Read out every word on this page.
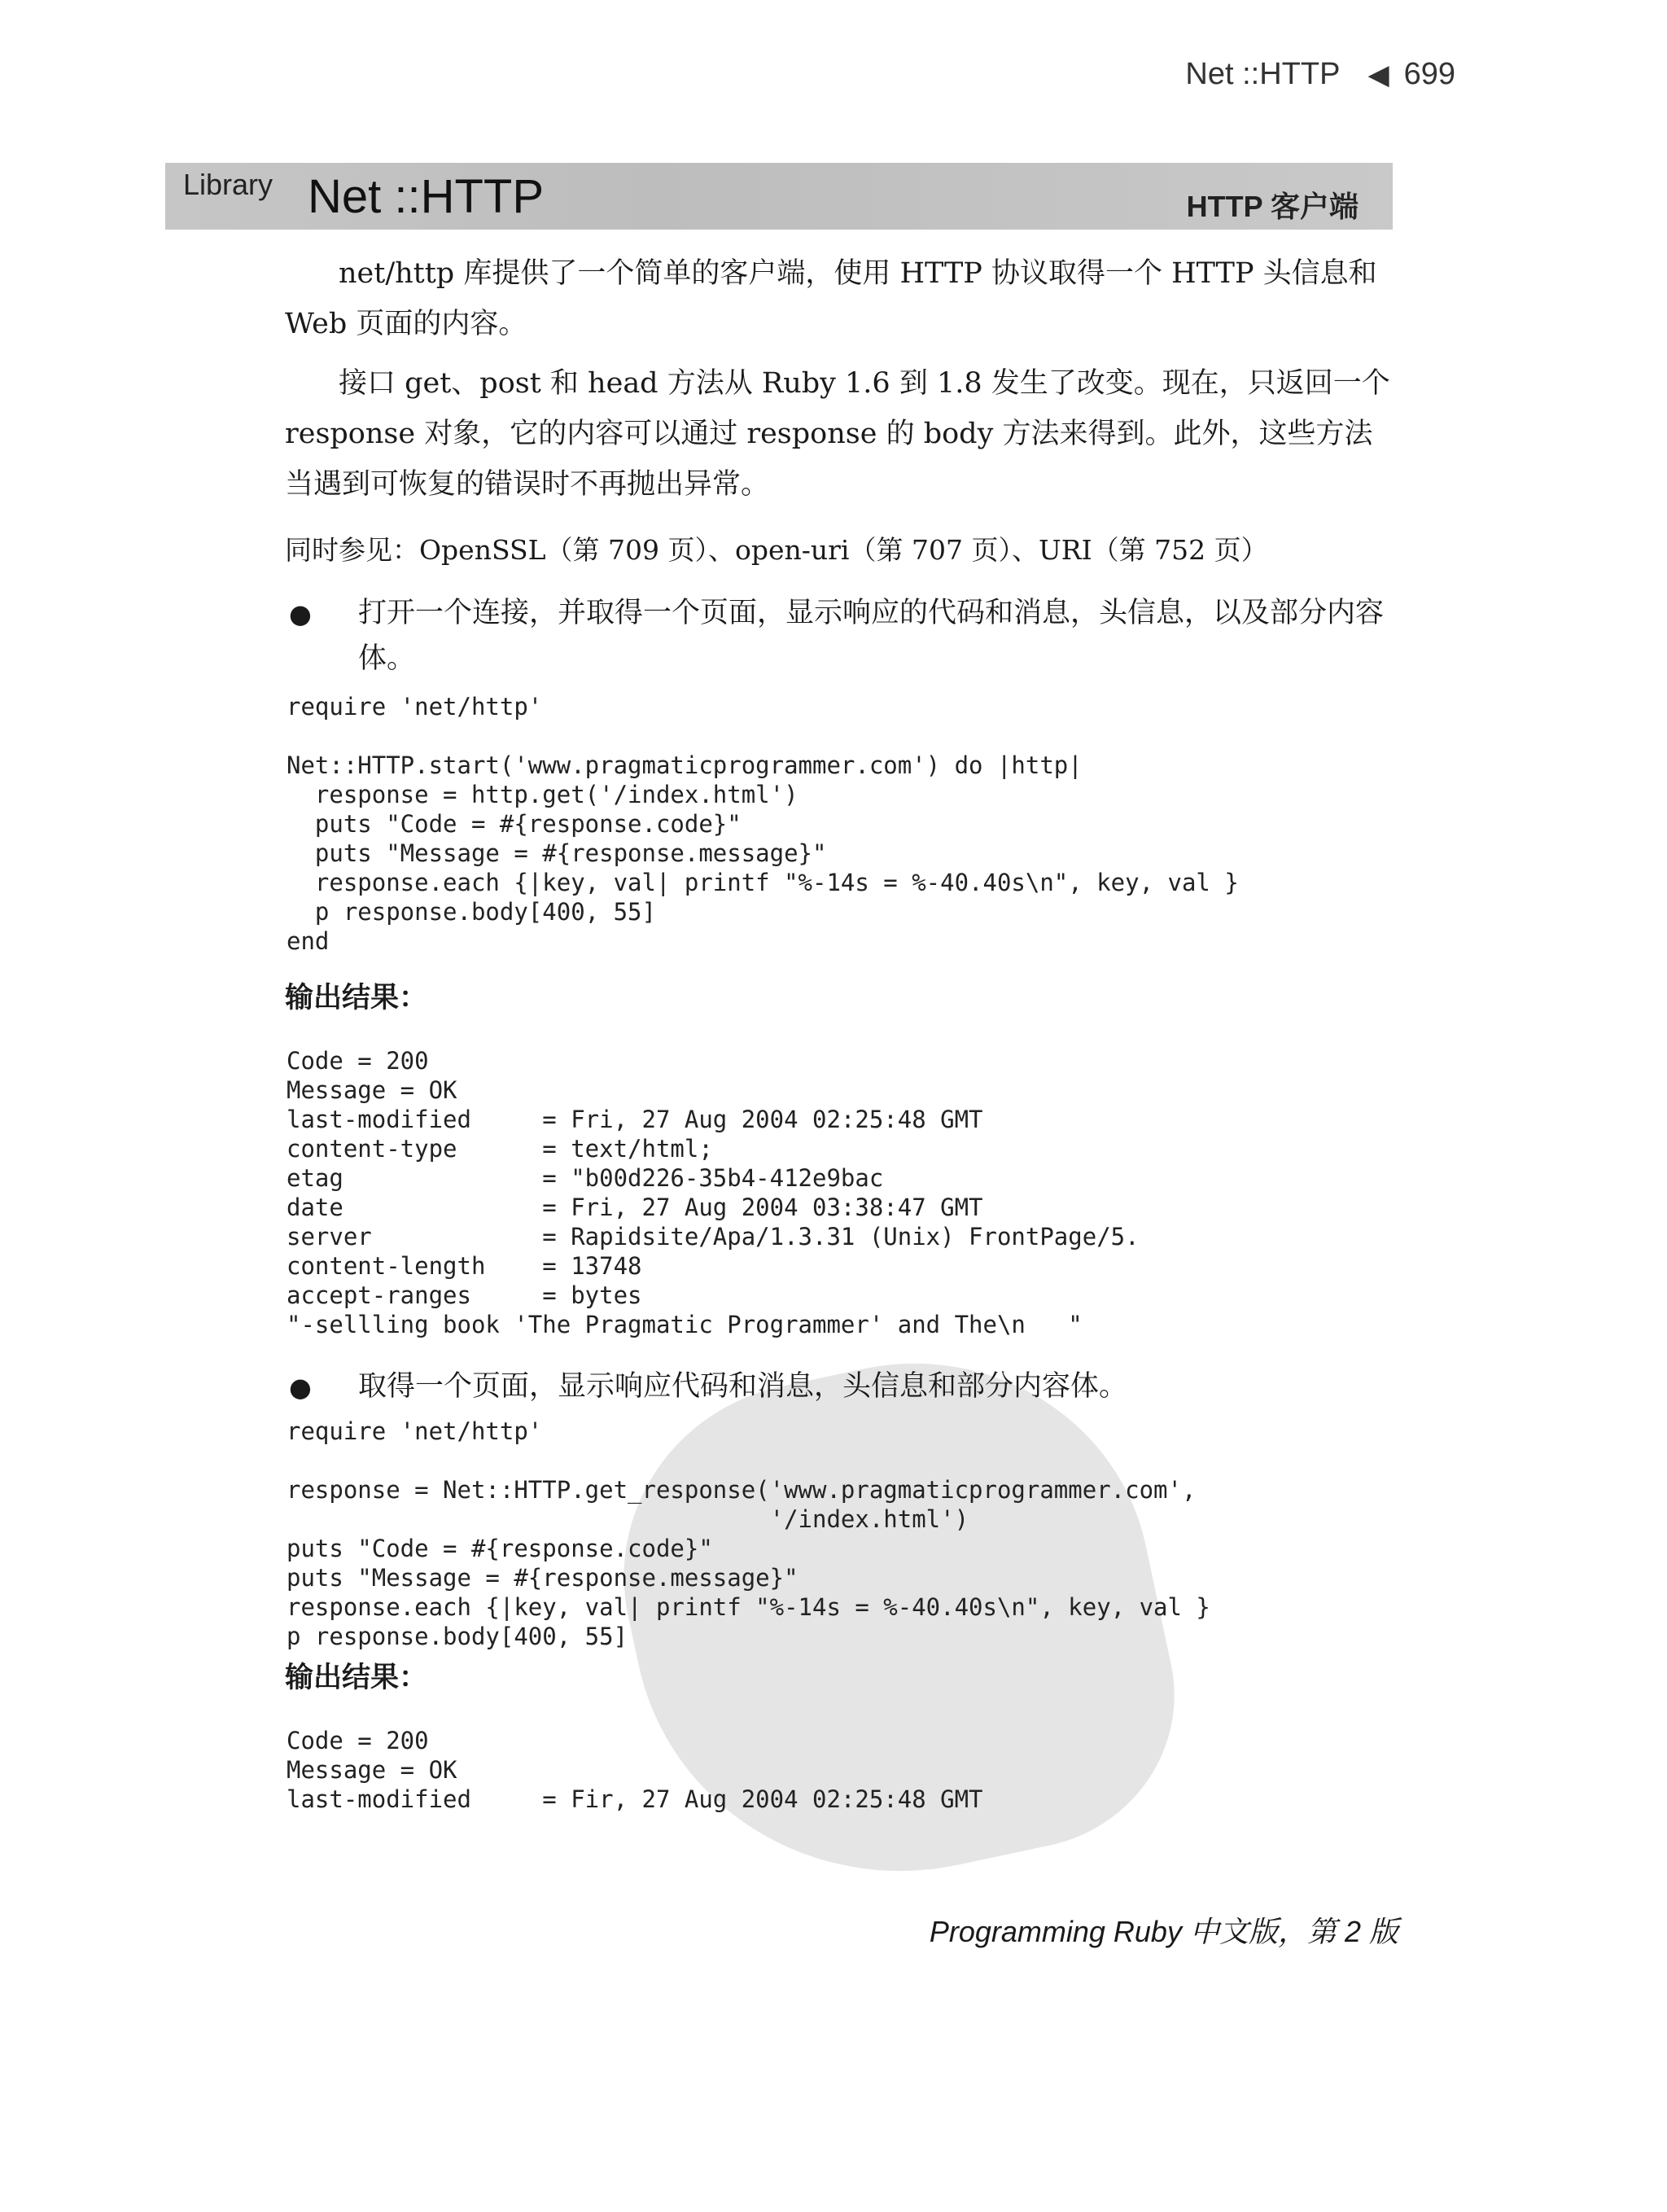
Net ::HTTP ◀ 699
Library Net ::HTTP	HTTP 客户端
net/http 库提供了一个简单的客户端，使用 HTTP 协议取得一个 HTTP 头信息和 Web 页面的内容。
接口 get、post 和 head 方法从 Ruby 1.6 到 1.8 发生了改变。现在，只返回一个 response 对象，它的内容可以通过 response 的 body 方法来得到。此外，这些方法当遇到可恢复的错误时不再抛出异常。
同时参见：OpenSSL（第 709 页）、open-uri（第 707 页）、URI（第 752 页）
● 打开一个连接，并取得一个页面，显示响应的代码和消息，头信息，以及部分内容体。
require 'net/http'

Net::HTTP.start('www.pragmaticprogrammer.com') do |http|
response = http.get('/index.html')
puts "Code = #{response.code}"
puts "Message = #{response.message}"
response.each {|key, val| printf "%-14s = %-40.40s\n", key, val }
p response.body[400, 55]
end
输出结果：
Code = 200
Message = OK
last-modified     = Fri, 27 Aug 2004 02:25:48 GMT
content-type      = text/html;
etag              = "b00d226-35b4-412e9bac
date              = Fri, 27 Aug 2004 03:38:47 GMT
server            = Rapidsite/Apa/1.3.31 (Unix) FrontPage/5.
content-length    = 13748
accept-ranges     = bytes
"-sellling book 'The Pragmatic Programmer' and The\n   "
● 取得一个页面，显示响应代码和消息，头信息和部分内容体。
require 'net/http'

response = Net::HTTP.get_response('www.pragmaticprogrammer.com',
'/index.html')
puts "Code = #{response.code}"
puts "Message = #{response.message}"
response.each {|key, val| printf "%-14s = %-40.40s\n", key, val }
p response.body[400, 55]
输出结果：
Code = 200
Message = OK
last-modified     = Fir, 27 Aug 2004 02:25:48 GMT
Programming Ruby 中文版，第 2 版
